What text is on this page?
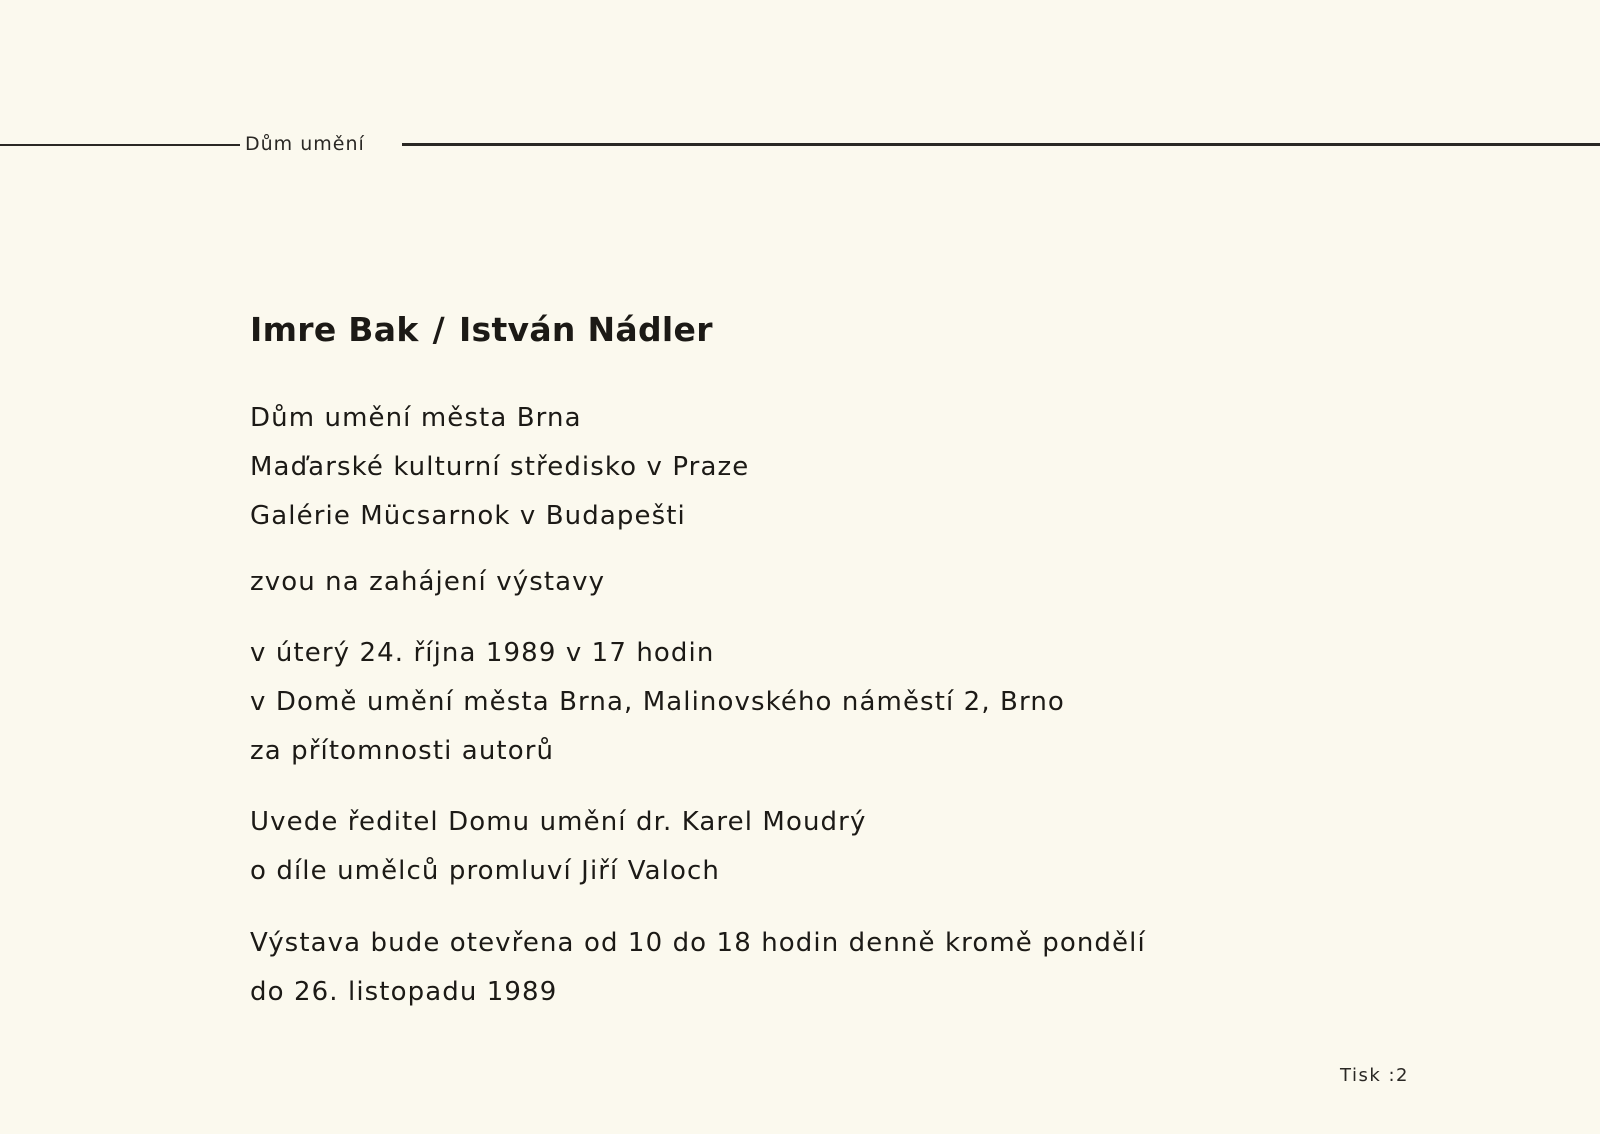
Dům umění
Imre Bak / István Nádler
Dům umění města Brna
Maďarské kulturní středisko v Praze
Galérie Mücsarnok v Budapešti
zvou na zahájení výstavy
v úterý 24. října 1989 v 17 hodin
v Domě umění města Brna, Malinovského náměstí 2, Brno
za přítomnosti autorů
Uvede ředitel Domu umění dr. Karel Moudrý
o díle umělců promluví Jiří Valoch
Výstava bude otevřena od 10 do 18 hodin denně kromě pondělí
do 26. listopadu 1989
Tisk :2
